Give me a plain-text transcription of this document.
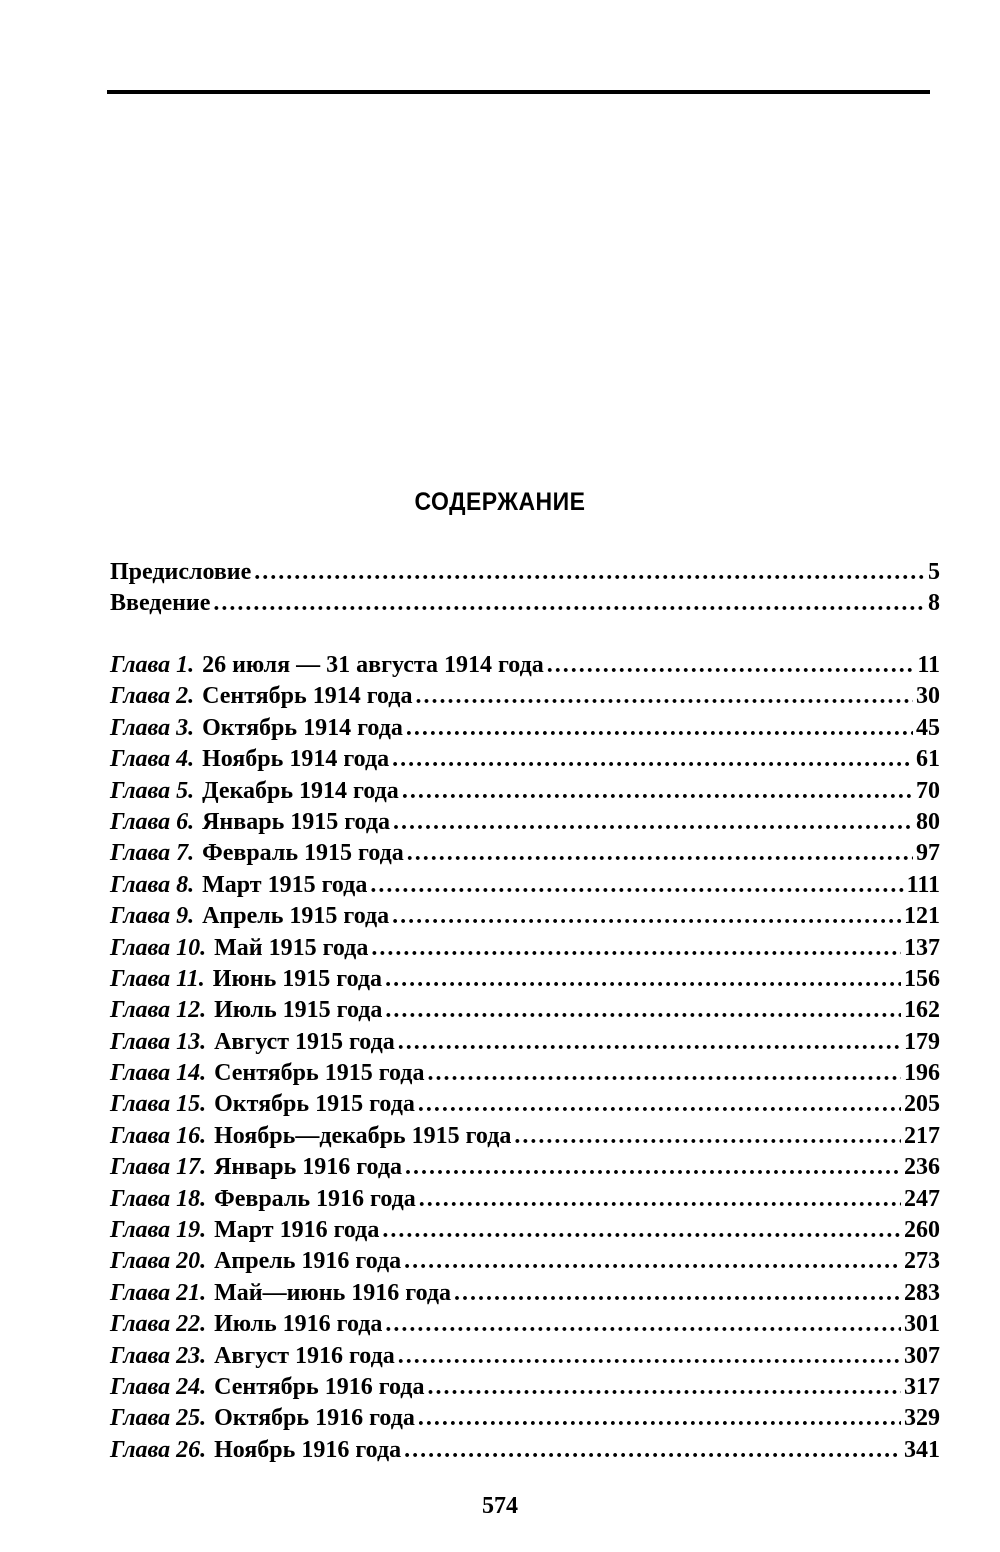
СОДЕРЖАНИЕ
Предисловие . . .	5
Введение . . .	8
Глава 1. 26 июля — 31 августа 1914 года . . .	11
Глава 2. Сентябрь 1914 года . . .	30
Глава 3. Октябрь 1914 года . . .	45
Глава 4. Ноябрь 1914 года . . .	61
Глава 5. Декабрь 1914 года . . .	70
Глава 6. Январь 1915 года . . .	80
Глава 7. Февраль 1915 года . . .	97
Глава 8. Март 1915 года . . .	111
Глава 9. Апрель 1915 года . . .	121
Глава 10. Май 1915 года . . .	137
Глава 11. Июнь 1915 года . . .	156
Глава 12. Июль 1915 года . . .	162
Глава 13. Август 1915 года . . .	179
Глава 14. Сентябрь 1915 года . . .	196
Глава 15. Октябрь 1915 года . . .	205
Глава 16. Ноябрь—декабрь 1915 года . . .	217
Глава 17. Январь 1916 года . . .	236
Глава 18. Февраль 1916 года . . .	247
Глава 19. Март 1916 года . . .	260
Глава 20. Апрель 1916 года . . .	273
Глава 21. Май—июнь 1916 года . . .	283
Глава 22. Июль 1916 года . . .	301
Глава 23. Август 1916 года . . .	307
Глава 24. Сентябрь 1916 года . . .	317
Глава 25. Октябрь 1916 года . . .	329
Глава 26. Ноябрь 1916 года . . .	341
574
